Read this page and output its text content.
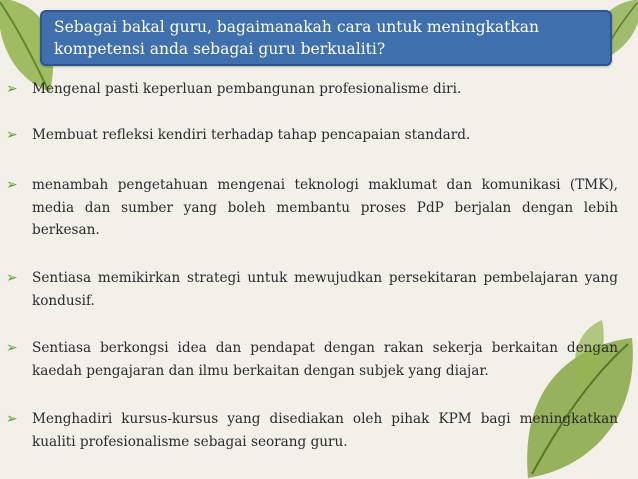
Sebagai bakal guru, bagaimanakah cara untuk meningkatkan kompetensi anda sebagai guru berkualiti?
➢	Mengenal pasti keperluan pembangunan profesionalisme diri.
➢	Membuat refleksi kendiri terhadap tahap pencapaian standard.
➢	menambah pengetahuan mengenai teknologi maklumat dan komunikasi (TMK), media dan sumber yang boleh membantu proses PdP berjalan dengan lebih berkesan.
➢	Sentiasa memikirkan strategi untuk mewujudkan persekitaran pembelajaran yang kondusif.
➢	Sentiasa berkongsi idea dan pendapat dengan rakan sekerja berkaitan dengan kaedah pengajaran dan ilmu berkaitan dengan subjek yang diajar.
➢	Menghadiri kursus-kursus yang disediakan oleh pihak KPM bagi meningkatkan kualiti profesionalisme sebagai seorang guru.
